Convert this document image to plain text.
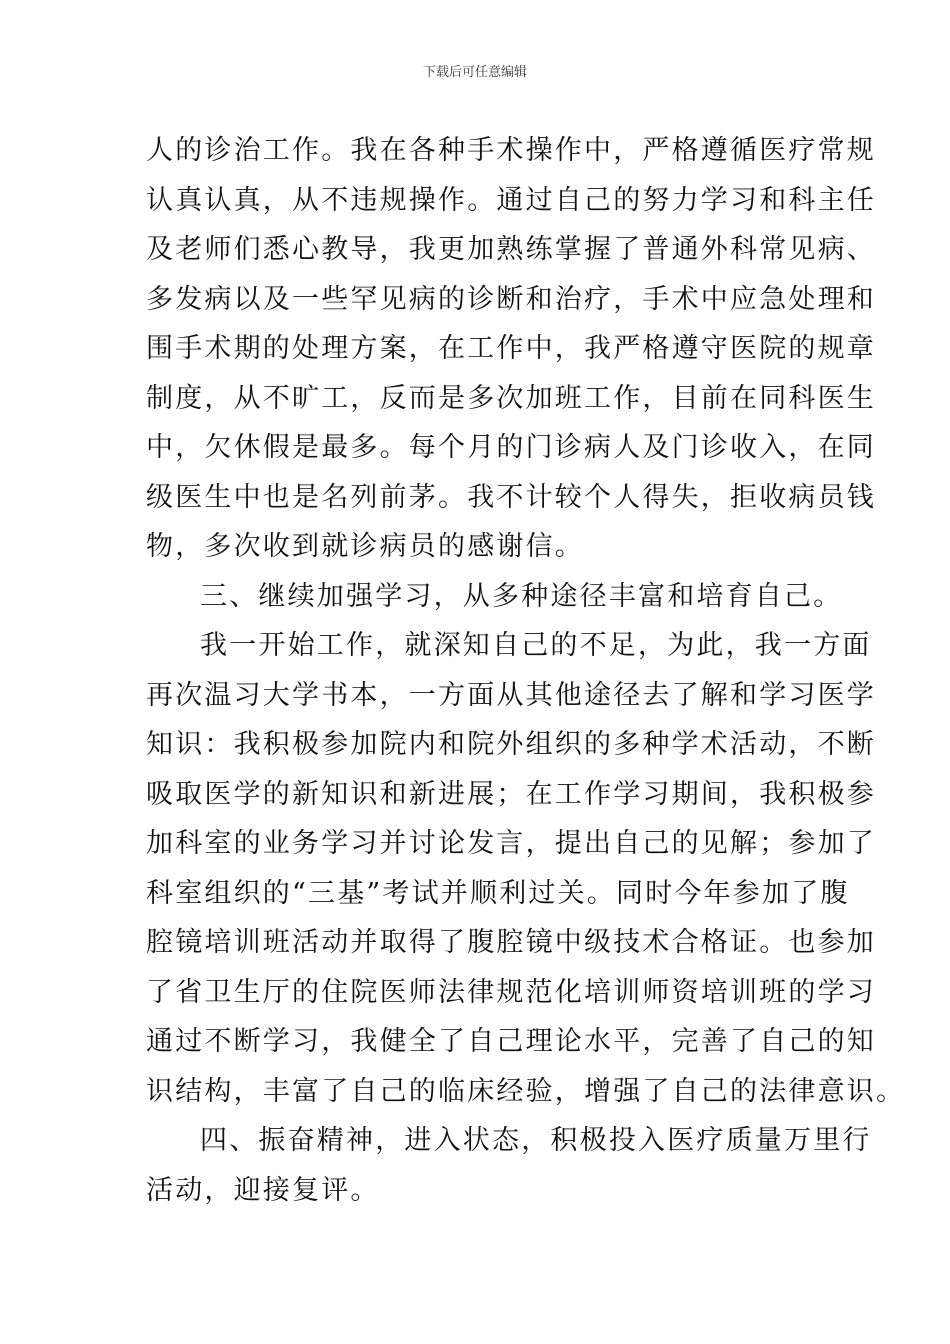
下载后可任意编辑
人的诊治工作。我在各种手术操作中，严格遵循医疗常规
认真认真，从不违规操作。通过自己的努力学习和科主任
及老师们悉心教导，我更加熟练掌握了普通外科常见病、
多发病以及一些罕见病的诊断和治疗，手术中应急处理和
围手术期的处理方案，在工作中，我严格遵守医院的规章
制度，从不旷工，反而是多次加班工作，目前在同科医生
中，欠休假是最多。每个月的门诊病人及门诊收入，在同
级医生中也是名列前茅。我不计较个人得失，拒收病员钱
物，多次收到就诊病员的感谢信。
三、继续加强学习，从多种途径丰富和培育自己。
我一开始工作，就深知自己的不足，为此，我一方面
再次温习大学书本，一方面从其他途径去了解和学习医学
知识：我积极参加院内和院外组织的多种学术活动，不断
吸取医学的新知识和新进展；在工作学习期间，我积极参
加科室的业务学习并讨论发言，提出自己的见解；参加了
科室组织的“三基”考试并顺利过关。同时今年参加了腹
腔镜培训班活动并取得了腹腔镜中级技术合格证。也参加
了省卫生厅的住院医师法律规范化培训师资培训班的学习
通过不断学习，我健全了自己理论水平，完善了自己的知
识结构，丰富了自己的临床经验，增强了自己的法律意识。
四、振奋精神，进入状态，积极投入医疗质量万里行
活动，迎接复评。
